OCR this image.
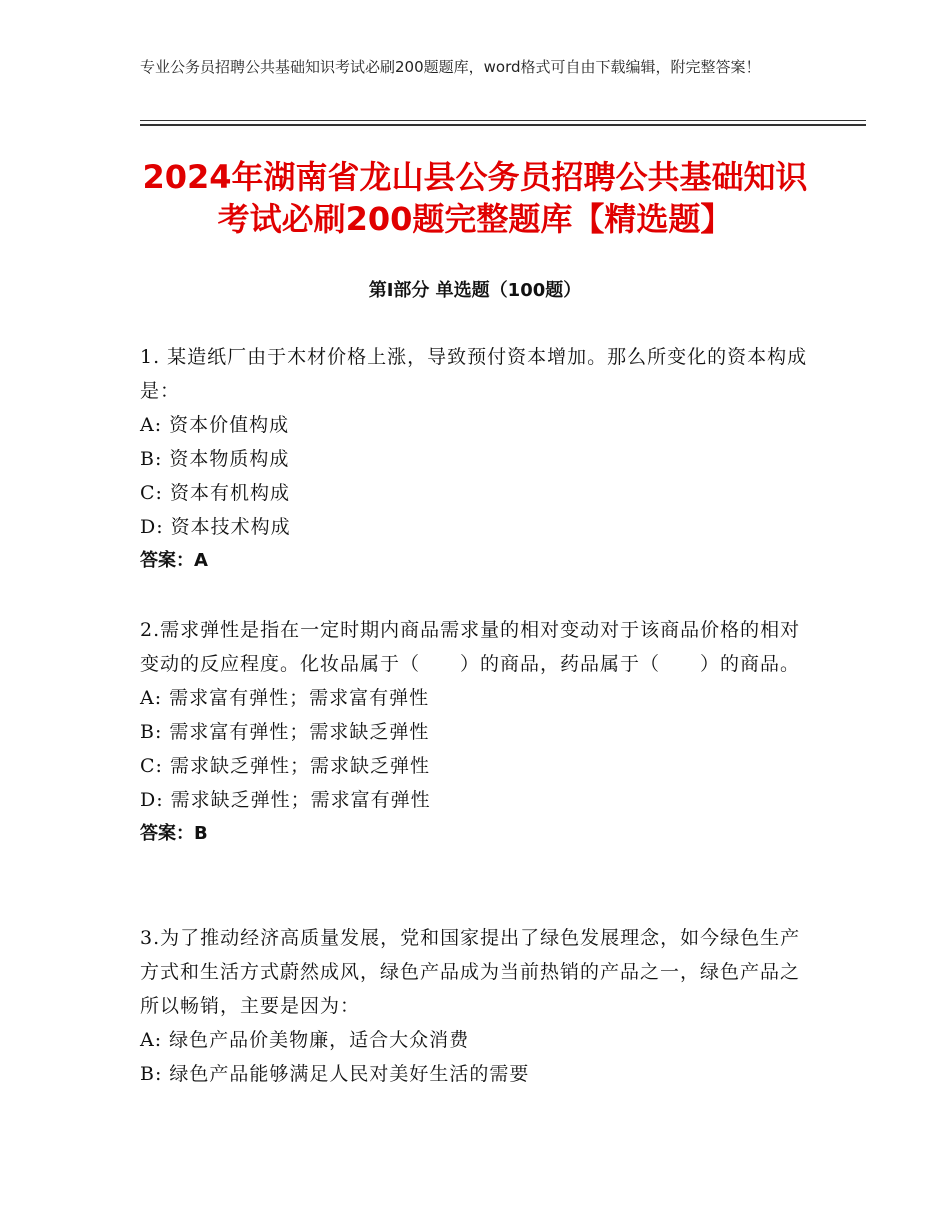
专业公务员招聘公共基础知识考试必刷200题题库，word格式可自由下载编辑，附完整答案！
2024年湖南省龙山县公务员招聘公共基础知识考试必刷200题完整题库【精选题】
第I部分 单选题（100题）

1. 某造纸厂由于木材价格上涨，导致预付资本增加。那么所变化的资本构成是：

A: 资本价值构成

B: 资本物质构成

C: 资本有机构成

D: 资本技术构成

答案：A

2.需求弹性是指在一定时期内商品需求量的相对变动对于该商品价格的相对变动的反应程度。化妆品属于（　　）的商品，药品属于（　　）的商品。

A: 需求富有弹性；需求富有弹性

B: 需求富有弹性；需求缺乏弹性

C: 需求缺乏弹性；需求缺乏弹性

D: 需求缺乏弹性；需求富有弹性

答案：B

3.为了推动经济高质量发展，党和国家提出了绿色发展理念，如今绿色生产方式和生活方式蔚然成风，绿色产品成为当前热销的产品之一，绿色产品之所以畅销，主要是因为：

A: 绿色产品价美物廉，适合大众消费

B: 绿色产品能够满足人民对美好生活的需要
